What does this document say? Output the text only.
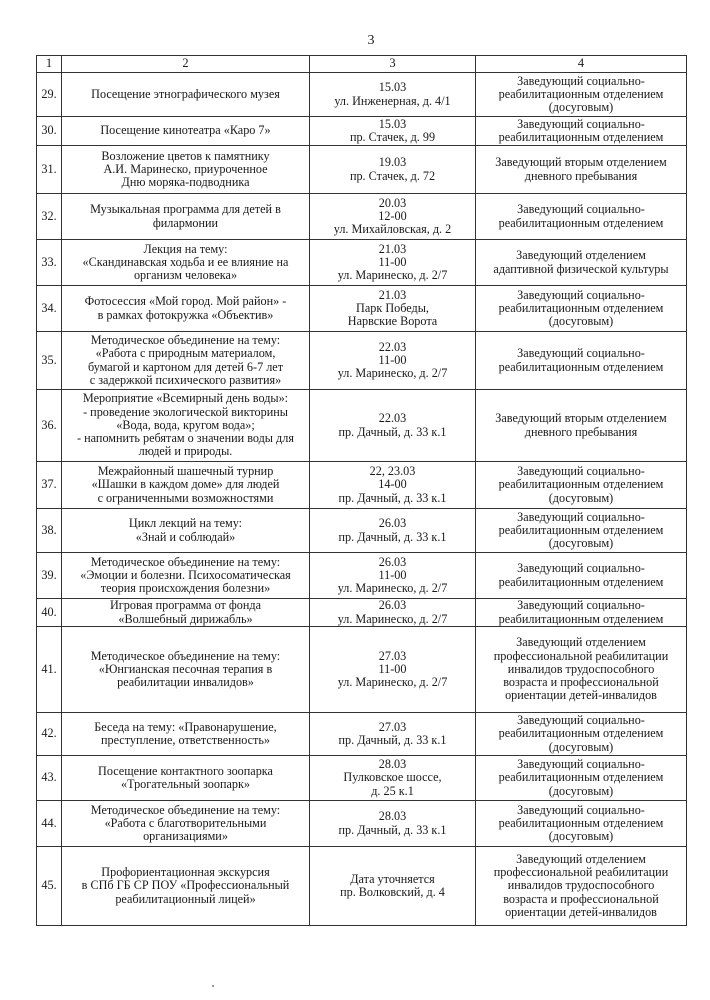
3
1	2	3	4
29.	Посещение этнографического музея	15.03
ул. Инженерная, д. 4/1	Заведующий социально-
реабилитационным отделением
(досуговым)
30.	Посещение кинотеатра «Каро 7»	15.03
пр. Стачек, д. 99	Заведующий социально-
реабилитационным отделением
31.	Возложение цветов к памятнику
А.И. Маринеско, приуроченное
Дню моряка-подводника	19.03
пр. Стачек, д. 72	Заведующий вторым отделением
дневного пребывания
32.	Музыкальная программа для детей в
филармонии	20.03
12-00
ул. Михайловская, д. 2	Заведующий социально-
реабилитационным отделением
33.	Лекция на тему:
«Скандинавская ходьба и ее влияние на
организм человека»	21.03
11-00
ул. Маринеско, д. 2/7	Заведующий отделением
адаптивной физической культуры
34.	Фотосессия «Мой город. Мой район» -
в рамках фотокружка «Объектив»	21.03
Парк Победы,
Нарвские Ворота	Заведующий социально-
реабилитационным отделением
(досуговым)
35.	Методическое объединение на тему:
«Работа с природным материалом,
бумагой и картоном для детей 6-7 лет
с задержкой психического развития»	22.03
11-00
ул. Маринеско, д. 2/7	Заведующий социально-
реабилитационным отделением
36.	Мероприятие «Всемирный день воды»:
- проведение экологической викторины
«Вода, вода, кругом вода»;
- напомнить ребятам о значении воды для
людей и природы.	22.03
пр. Дачный, д. 33 к.1	Заведующий вторым отделением
дневного пребывания
37.	Межрайонный шашечный турнир
«Шашки в каждом доме» для людей
с ограниченными возможностями	22, 23.03
14-00
пр. Дачный, д. 33 к.1	Заведующий социально-
реабилитационным отделением
(досуговым)
38.	Цикл лекций на тему:
«Знай и соблюдай»	26.03
пр. Дачный, д. 33 к.1	Заведующий социально-
реабилитационным отделением
(досуговым)
39.	Методическое объединение на тему:
«Эмоции и болезни. Психосоматическая
теория происхождения болезни»	26.03
11-00
ул. Маринеско, д. 2/7	Заведующий социально-
реабилитационным отделением
40.	Игровая программа от фонда
«Волшебный дирижабль»	26.03
ул. Маринеско, д. 2/7	Заведующий социально-
реабилитационным отделением
41.	Методическое объединение на тему:
«Юнгианская песочная терапия в
реабилитации инвалидов»	27.03
11-00
ул. Маринеско, д. 2/7	Заведующий отделением
профессиональной реабилитации
инвалидов трудоспособного
возраста и профессиональной
ориентации детей-инвалидов
42.	Беседа на тему: «Правонарушение,
преступление, ответственность»	27.03
пр. Дачный, д. 33 к.1	Заведующий социально-
реабилитационным отделением
(досуговым)
43.	Посещение контактного зоопарка
«Трогательный зоопарк»	28.03
Пулковское шоссе,
д. 25 к.1	Заведующий социально-
реабилитационным отделением
(досуговым)
44.	Методическое объединение на тему:
«Работа с благотворительными
организациями»	28.03
пр. Дачный, д. 33 к.1	Заведующий социально-
реабилитационным отделением
(досуговым)
45.	Профориентационная экскурсия
в СПб ГБ СР ПОУ «Профессиональный
реабилитационный лицей»	Дата уточняется
пр. Волковский, д. 4	Заведующий отделением
профессиональной реабилитации
инвалидов трудоспособного
возраста и профессиональной
ориентации детей-инвалидов
